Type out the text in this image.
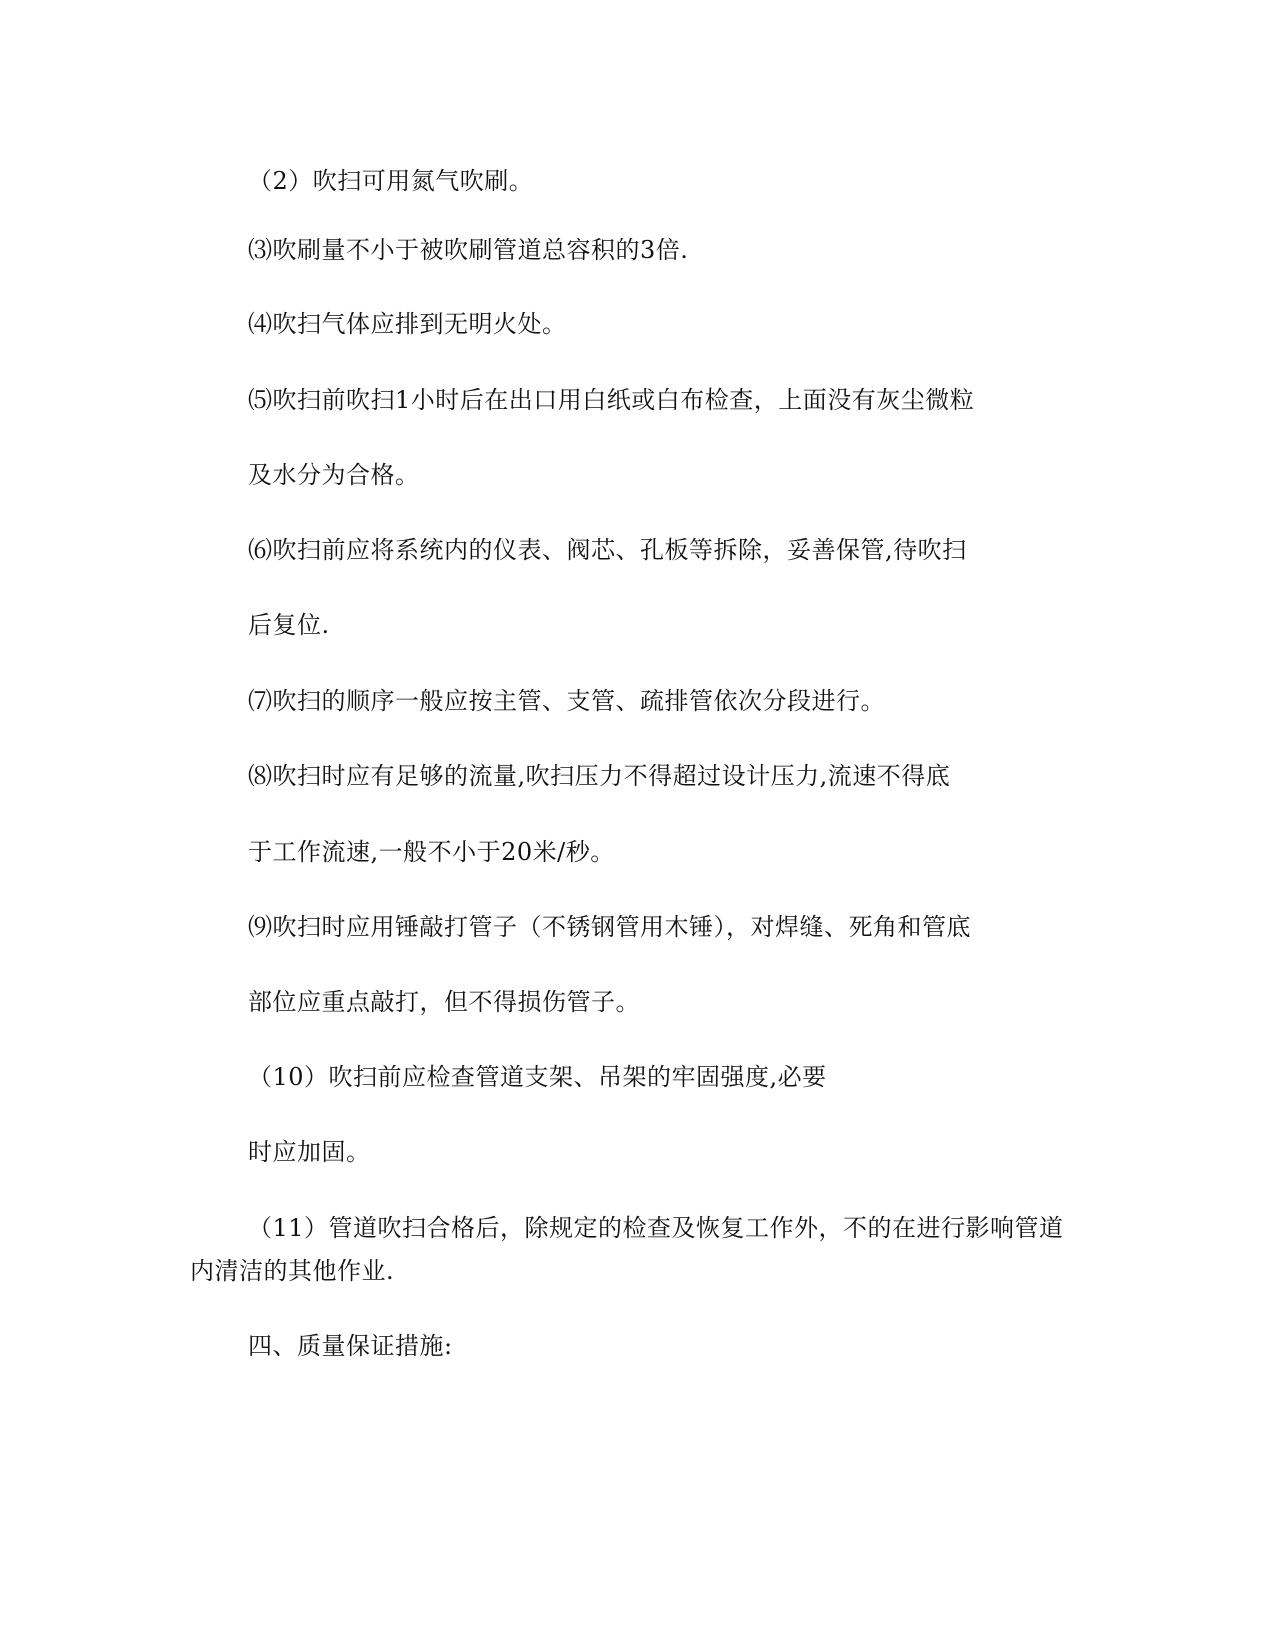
（2）吹扫可用氮气吹刷。
⑶吹刷量不小于被吹刷管道总容积的3倍.
⑷吹扫气体应排到无明火处。
⑸吹扫前吹扫1小时后在出口用白纸或白布检查，上面没有灰尘微粒
及水分为合格。
⑹吹扫前应将系统内的仪表、阀芯、孔板等拆除，妥善保管,待吹扫
后复位.
⑺吹扫的顺序一般应按主管、支管、疏排管依次分段进行。
⑻吹扫时应有足够的流量,吹扫压力不得超过设计压力,流速不得底
于工作流速,一般不小于20米/秒。
⑼吹扫时应用锤敲打管子（不锈钢管用木锤），对焊缝、死角和管底
部位应重点敲打，但不得损伤管子。
（10）吹扫前应检查管道支架、吊架的牢固强度,必要
时应加固。
（11）管道吹扫合格后，除规定的检查及恢复工作外，不的在进行影响管道
内清洁的其他作业.
四、质量保证措施:
